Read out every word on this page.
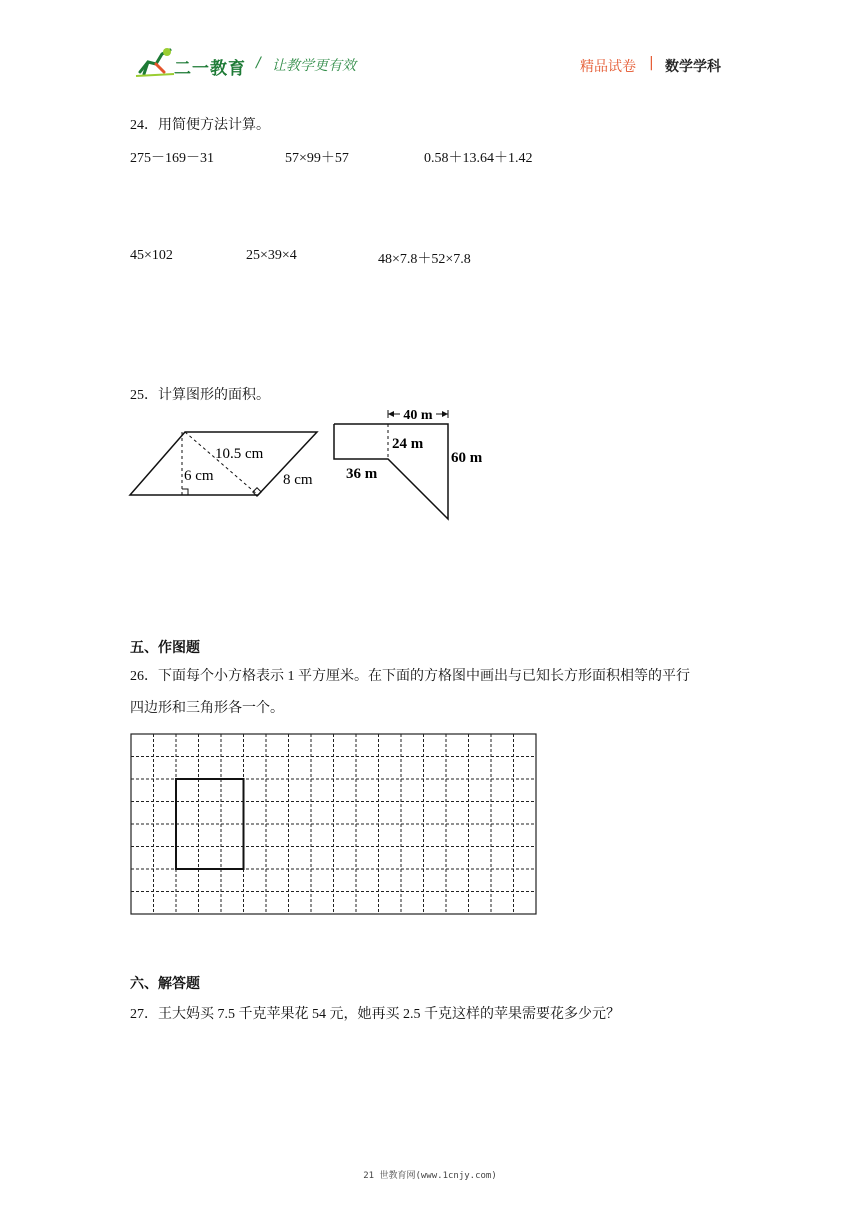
二一教育 / 让教学更有效	精品试卷 | 数学学科
24．用简便方法计算。
275－169－31	57×99＋57	0.58＋13.64＋1.42
45×102	25×39×4	48×7.8＋52×7.8
25．计算图形的面积。
10.5 cm
6 cm	8 cm
40 m
24 m
60 m
36 m
五、作图题
26．下面每个小方格表示 1 平方厘米。在下面的方格图中画出与已知长方形面积相等的平行
四边形和三角形各一个。
六、解答题
27．王大妈买 7.5 千克苹果花 54 元，她再买 2.5 千克这样的苹果需要花多少元？
21 世教育网(www.1cnjy.com)
